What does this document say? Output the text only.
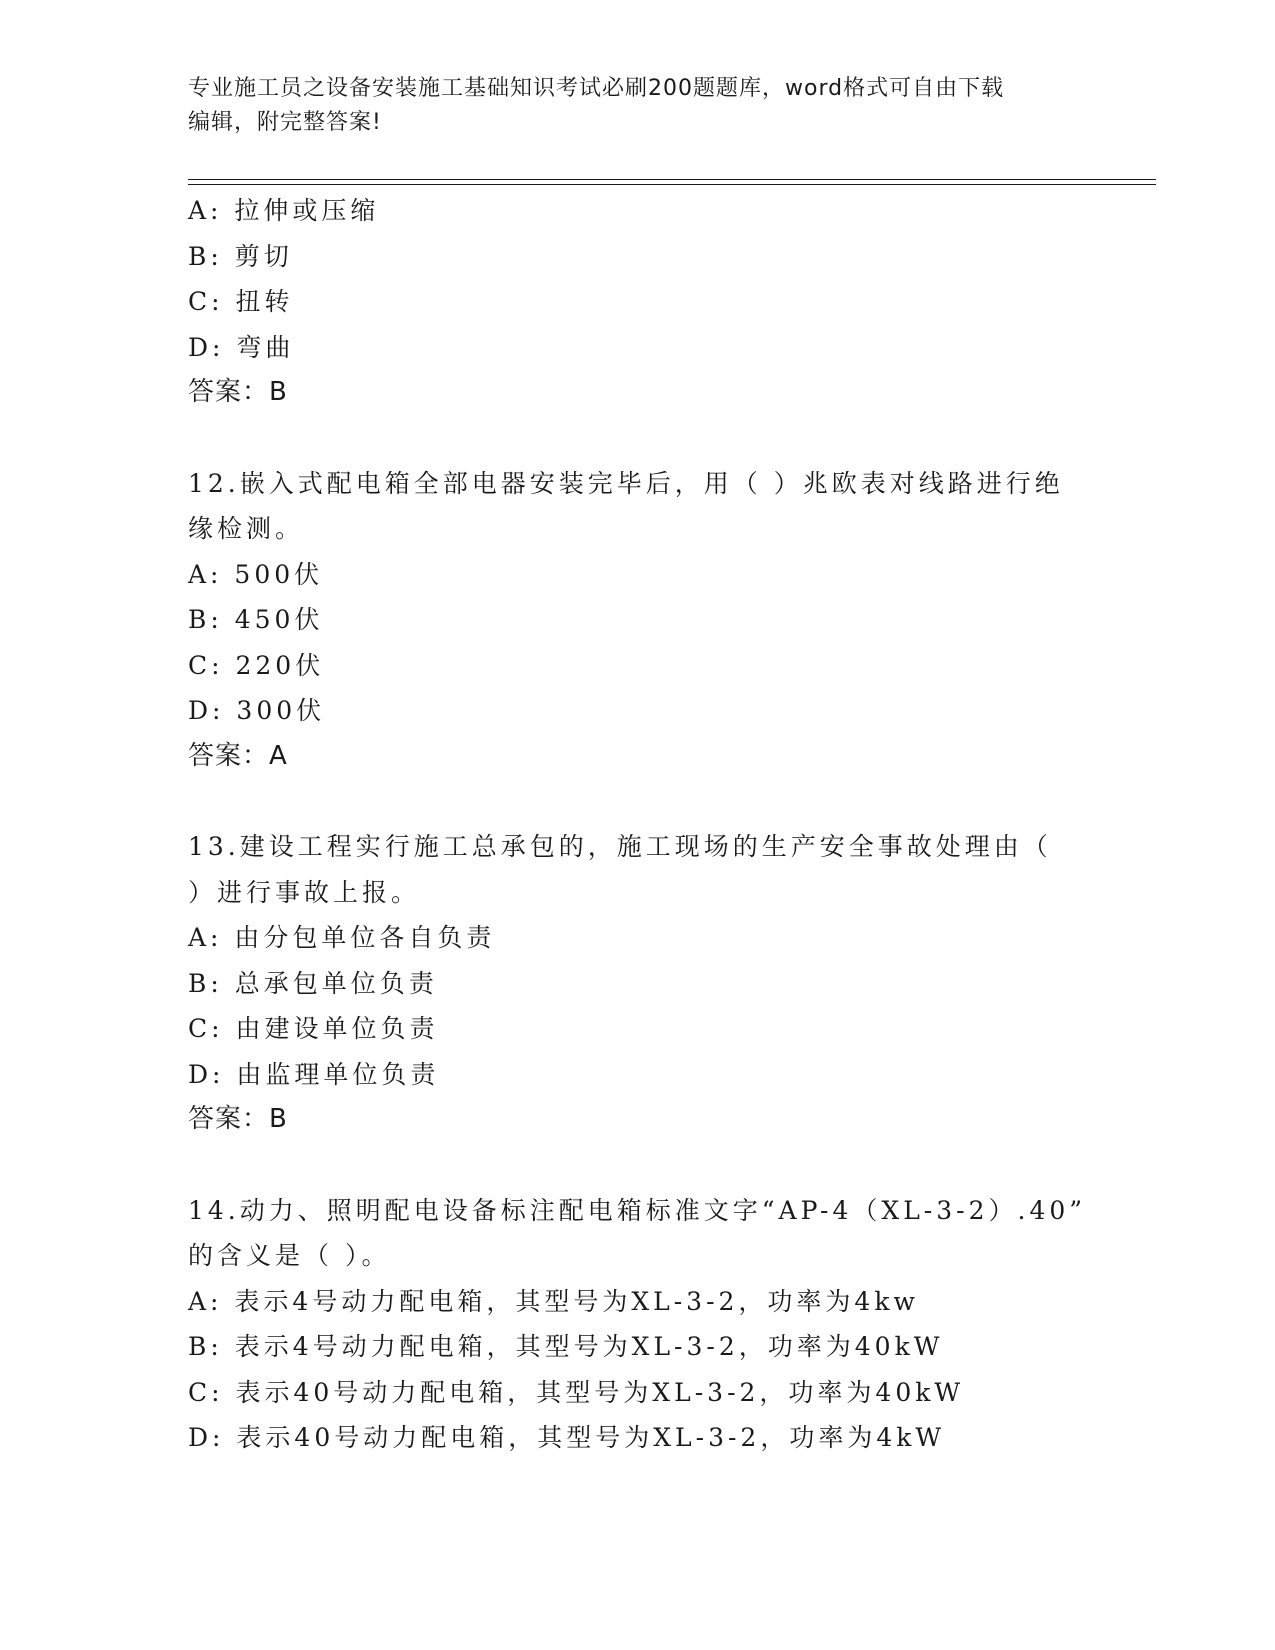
专业施工员之设备安装施工基础知识考试必刷200题题库，word格式可自由下载
编辑，附完整答案!
A: 拉伸或压缩
B: 剪切
C: 扭转
D: 弯曲
答案：B
12.嵌入式配电箱全部电器安装完毕后，用（ ）兆欧表对线路进行绝
缘检测。
A: 500伏
B: 450伏
C: 220伏
D: 300伏
答案：A
13.建设工程实行施工总承包的，施工现场的生产安全事故处理由（
）进行事故上报。
A: 由分包单位各自负责
B: 总承包单位负责
C: 由建设单位负责
D: 由监理单位负责
答案：B
14.动力、照明配电设备标注配电箱标准文字“AP-4（XL-3-2）.40”
的含义是（ ）。
A: 表示4号动力配电箱，其型号为XL-3-2，功率为4kw
B: 表示4号动力配电箱，其型号为XL-3-2，功率为40kW
C: 表示40号动力配电箱，其型号为XL-3-2，功率为40kW
D: 表示40号动力配电箱，其型号为XL-3-2，功率为4kW
